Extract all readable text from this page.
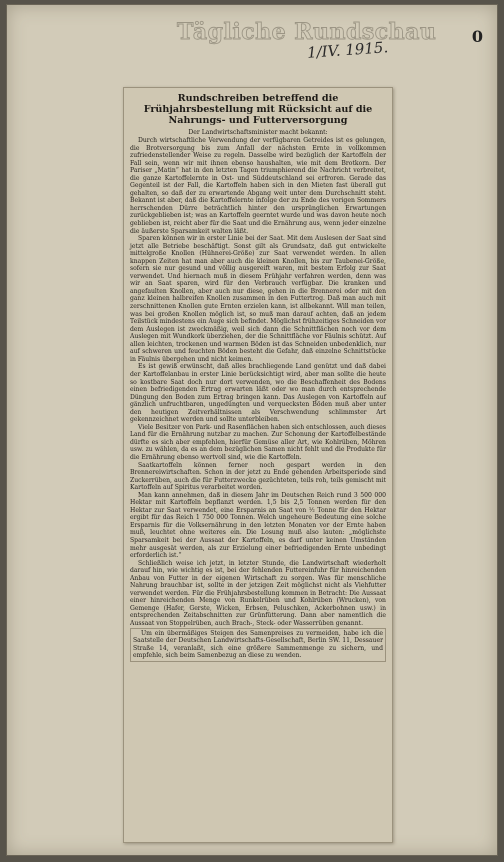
Tägliche Rundschau
1/IV. 1915.
0
Rundschreiben betreffend die Frühjahrsbestellung mit Rücksicht auf die Nahrungs- und Futterversorgung
Der Landwirtschaftsminister macht bekannt:

Durch wirtschaftliche Verwendung der verfügbaren Getreides ist es gelungen, die Brotversorgung bis zum Anfall der nächsten Ernte in vollkommen zufriedenstellender Weise zu regeln. Dasselbe wird bezüglich der Kartoffeln der Fall sein, wenn wir mit ihnen ebenso haushalten, wie mit dem Brotkorn. Der Pariser „Matin“ hat in den letzten Tagen triumphierend die Nachricht verbreitet, die ganze Kartoffelernte in Ost- und Süddeutschland sei erfroren. Gerade das Gegenteil ist der Fall, die Kartoffeln haben sich in den Mieten fast überall gut gehalten, so daß der zu erwartende Abgang weit unter dem Durchschnitt steht. Bekannt ist aber, daß die Kartoffelernte infolge der zu Ende des vorigen Sommers herrschenden Dürre beträchtlich hinter den ursprünglichen Erwartungen zurückgeblieben ist; was an Kartoffeln geerntet wurde und was davon heute noch geblieben ist, reicht aber für die Saat und die Ernährung aus, wenn jeder einzelne die äußerste Sparsamkeit walten läßt.

Sparen können wir in erster Linie bei der Saat. Mit dem Auslesen der Saat sind jetzt alle Betriebe beschäftigt. Sonst gilt als Grundsatz, daß gut entwickelte mittelgroße Knollen (Hühnerei-Größe) zur Saat verwendet werden. In allen knappen Zeiten hat man aber auch die kleinen Knollen, bis zur Taubenei-Größe, sofern sie nur gesund und völlig ausgereift waren, mit bestem Erfolg zur Saat verwendet. Und hiernach muß in diesem Frühjahr verfahren werden, denn was wir an Saat sparen, wird für den Verbrauch verfügbar. Die kranken und angefaulten Knollen, aber auch nur diese, gehen in die Brennerei oder mit den ganz kleinen halbreifen Knollen zusammen in den Futtertrog. Daß man auch mit zerschnittenen Knollen gute Ernten erzielen kann, ist allbekannt. Will man teilen, was bei großen Knollen möglich ist, so muß man darauf achten, daß an jedem Teilstück mindestens ein Auge sich befindet. Möglichst frühzeitiges Schneiden vor dem Auslegen ist zweckmäßig, weil sich dann die Schnittflächen noch vor dem Auslegen mit Wundkork überziehen, der die Schnittfläche vor Fäulnis schützt. Auf allen leichten, trockenen und warmen Böden ist das Schneiden unbedenklich, nur auf schweren und feuchten Böden besteht die Gefahr, daß einzelne Schnittstücke in Fäulnis übergehen und nicht keimen.

Es ist gewiß erwünscht, daß alles brachliegende Land genützt und daß dabei der Kartoffelanbau in erster Linie berücksichtigt wird, aber man sollte die heute so kostbare Saat doch nur dort verwenden, wo die Beschaffenheit des Bodens einen befriedigenden Ertrag erwarten läßt oder wo man durch entsprechende Düngung den Boden zum Ertrag bringen kann. Das Auslegen von Kartoffeln auf gänzlich unfruchtbaren, ungedüngten und verquecksten Böden muß aber unter den heutigen Zeitverhältnissen als Verschwendung schlimmster Art gekennzeichnet werden und sollte unterbleiben.

Viele Besitzer von Park- und Rasenflächen haben sich entschlossen, auch dieses Land für die Ernährung nutzbar zu machen. Zur Schonung der Kartoffelbestände dürfte es sich aber empfehlen, hierfür Gemüse aller Art, wie Kohlrüben, Möhren usw. zu wählen, da es an dem bezüglichen Samen nicht fehlt und die Produkte für die Ernährung ebenso wertvoll sind, wie die Kartoffeln.

Saatkartoffeln können ferner noch gespart werden in den Brennereiwirtschaften. Schon in der jetzt zu Ende gehenden Arbeitsperiode sind Zuckerrüben, auch die für Futterzwecke gezüchteten, teils roh, teils gemischt mit Kartoffeln auf Spiritus verarbeitet worden.

Man kann annehmen, daß in diesem Jahr im Deutschen Reich rund 3 500 000 Hektar mit Kartoffeln bepflanzt werden. 1,5 bis 2,5 Tonnen werden für den Hektar zur Saat verwendet, eine Ersparnis an Saat von ½ Tonne für den Hektar ergibt für das Reich 1 750 000 Tonnen. Welch ungeheure Bedeutung eine solche Ersparnis für die Volksernährung in den letzten Monaten vor der Ernte haben muß, leuchtet ohne weiteres ein. Die Losung muß also lauten: „möglichste Sparsamkeit bei der Aussaat der Kartoffeln, es darf unter keinen Umständen mehr ausgesät werden, als zur Erzielung einer befriedigenden Ernte unbedingt erforderlich ist.“

Schließlich weise ich jetzt, in letzter Stunde, die Landwirtschaft wiederholt darauf hin, wie wichtig es ist, bei der fehlenden Futtereinfuhr für hinreichenden Anbau von Futter in der eigenen Wirtschaft zu sorgen. Was für menschliche Nahrung brauchbar ist, sollte in der jetzigen Zeit möglichst nicht als Viehfutter verwendet werden. Für die Frühjahrsbestellung kommen in Betracht: Die Aussaat einer hinreichenden Menge von Runkelrüben und Kohlrüben (Wrucken), von Gemenge (Hafer, Gerste, Wicken, Erbsen, Peluschken, Ackerbohnen usw.) in entsprechenden Zeitabschnitten zur Grünfütterung. Dann aber namentlich die Aussaat von Stoppelrüben, auch Brach-, Steck- oder Wasserrüben genannt.

Um ein übermäßiges Steigen des Samenpreises zu vermeiden, habe ich die Saatstelle der Deutschen Landwirtschafts-Gesellschaft, Berlin SW. 11, Dessauer Straße 14, veranlaßt, sich eine größere Sammenmenge zu sichern, und empfehle, sich beim Samenbezug an diese zu wenden.
